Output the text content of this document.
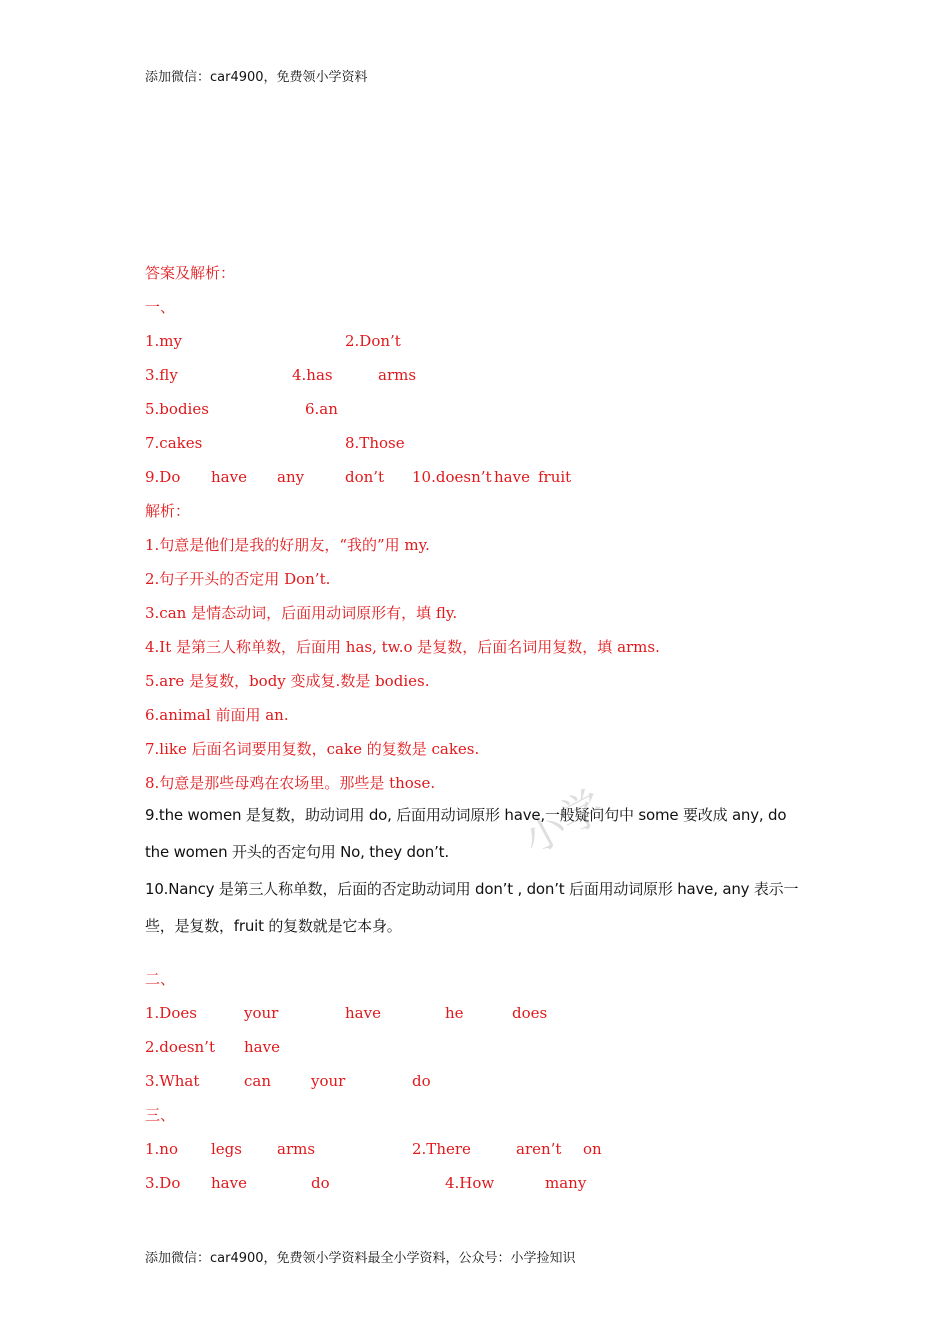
添加微信：car4900，免费领小学资料
答案及解析：
一、
1.my	2.Don’t
3.fly	4.has	arms
5.bodies	6.an
7.cakes	8.Those
9.Do have any	don’t 10.doesn’t have fruit
解析：
1.句意是他们是我的好朋友，“我的”用 my.
2.句子开头的否定用 Don’t.
3.can 是情态动词，后面用动词原形有，填 fly.
4.It 是第三人称单数，后面用 has, tw.o 是复数，后面名词用复数，填 arms.
5.are 是复数，body 变成复.数是 bodies.
6.animal 前面用 an.
7.like 后面名词要用复数，cake 的复数是 cakes.
8.句意是那些母鸡在农场里。那些是 those. 小学
9.the women 是复数，助动词用 do, 后面用动词原形 have,一般疑问句中 some 要改成 any, do the women 开头的否定句用 No, they don’t.
10.Nancy 是第三人称单数，后面的否定助动词用 don’t , don’t 后面用动词原形 have, any 表示一些，是复数，fruit 的复数就是它本身。
二、
1.Does	your	have	he	does
2.doesn’t have
3.What	can	your	do
三、
1.no legs arms	2.There	aren’t on
3.Do have	do	4.How	many
添加微信：car4900，免费领小学资料最全小学资料，公众号：小学捡知识
